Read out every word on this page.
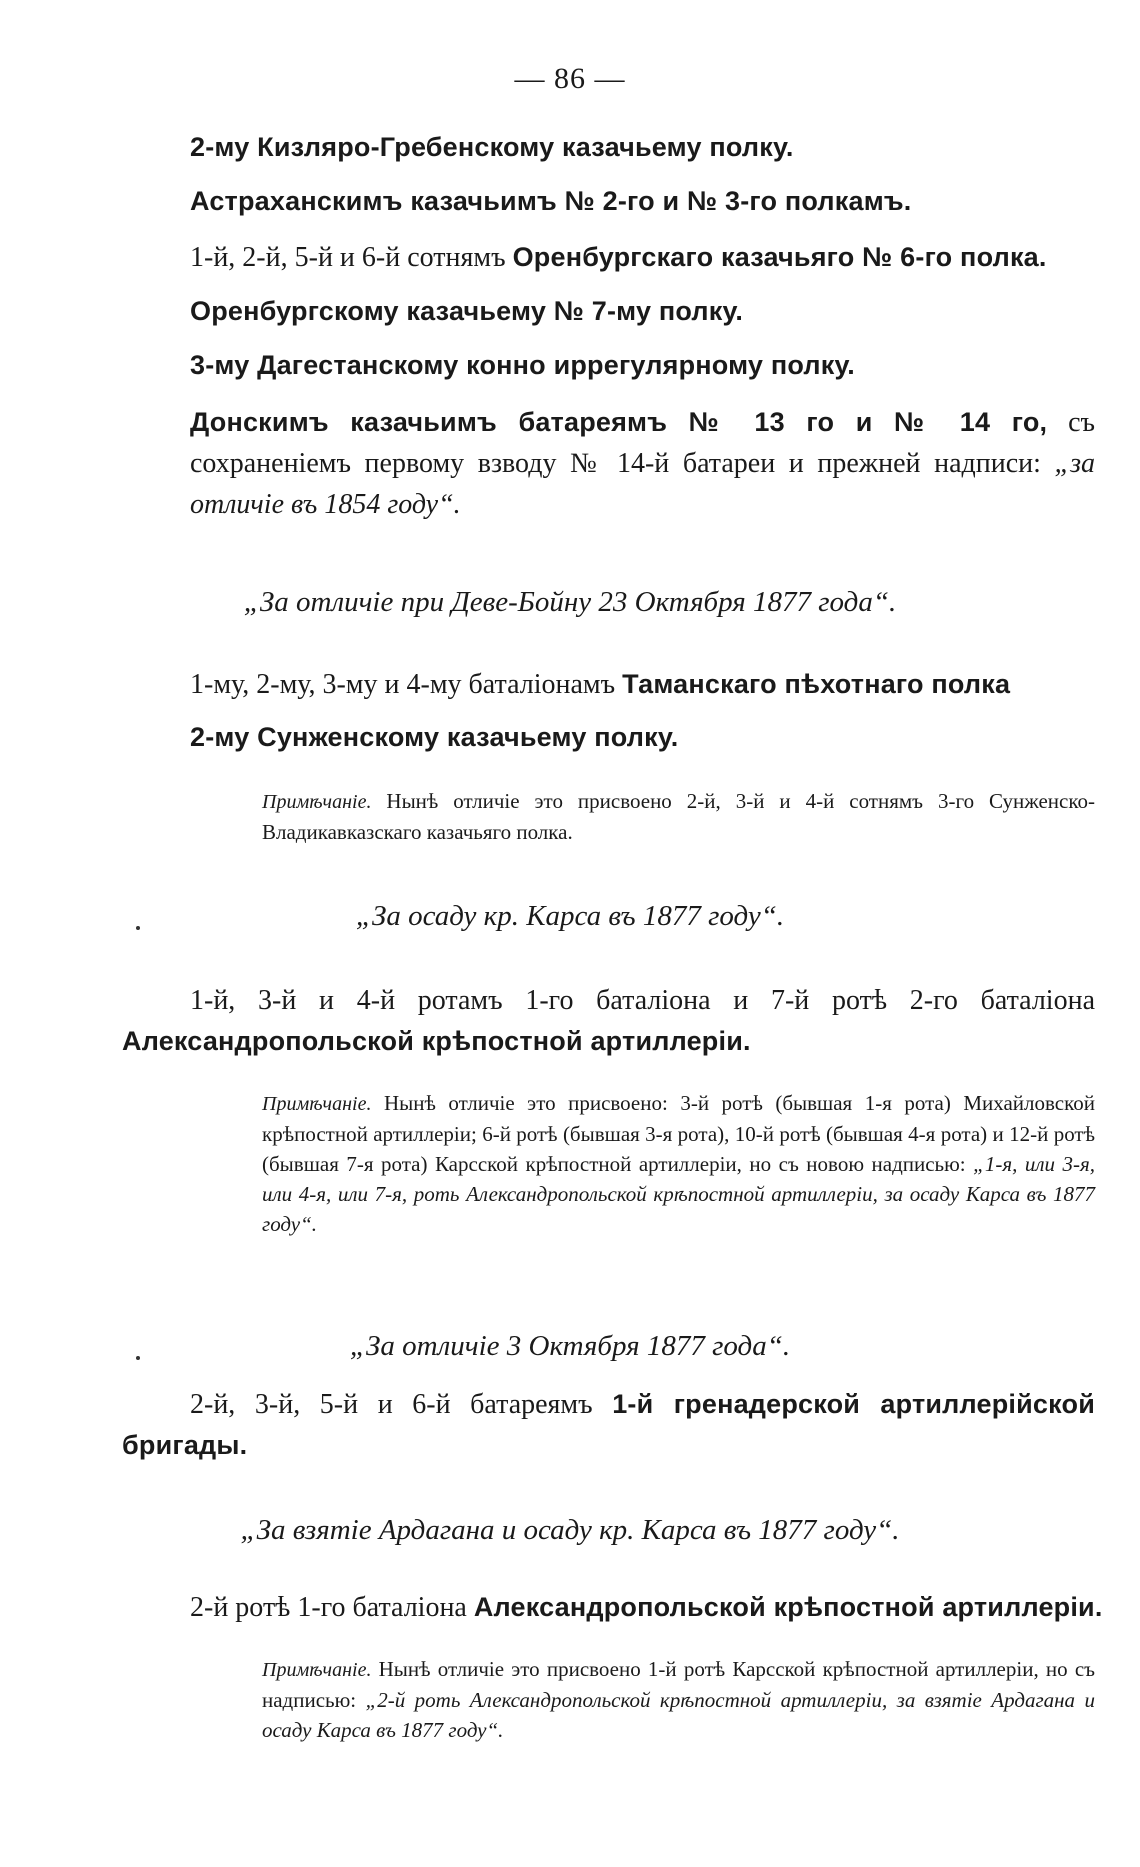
— 86 —
2-му Кизляро-Гребенскому казачьему полку.
Астраханскимъ казачьимъ № 2-го и № 3-го полкамъ.
1-й, 2-й, 5-й и 6-й сотнямъ Оренбургскаго казачьяго № 6-го полка.
Оренбургскому казачьему № 7-му полку.
3-му Дагестанскому конно иррегулярному полку.
Донскимъ казачьимъ батареямъ № 13 го и № 14 го, съ сохраненіемъ первому взводу № 14-й батареи и прежней надписи: „за отличіе въ 1854 году“.
„За отличіе при Деве-Бойну 23 Октября 1877 года“.
1-му, 2-му, 3-му и 4-му баталіонамъ Таманскаго пѣхотнаго полка
2-му Сунженскому казачьему полку.
Примѣчаніе. Нынѣ отличіе это присвоено 2-й, 3-й и 4-й сотнямъ 3-го Сунженско-Владикавказскаго казачьяго полка.
„За осаду кр. Карса въ 1877 году“.
1-й, 3-й и 4-й ротамъ 1-го баталіона и 7-й ротѣ 2-го баталіона Александропольской крѣпостной артиллеріи.
Примѣчаніе. Нынѣ отличіе это присвоено: 3-й ротѣ (бывшая 1-я рота) Михайловской крѣпостной артиллеріи; 6-й ротѣ (бывшая 3-я рота), 10-й ротѣ (бывшая 4-я рота) и 12-й ротѣ (бывшая 7-я рота) Карсской крѣпостной артиллеріи, но съ новою надписью: „1-я, или 3-я, или 4-я, или 7-я, роть Александропольской крѣпостной артиллеріи, за осаду Карса въ 1877 году“.
„За отличіе 3 Октября 1877 года“.
2-й, 3-й, 5-й и 6-й батареямъ 1-й гренадерской артиллерійской бригады.
„За взятіе Ардагана и осаду кр. Карса въ 1877 году“.
2-й ротѣ 1-го баталіона Александропольской крѣпостной артиллеріи.
Примѣчаніе. Нынѣ отличіе это присвоено 1-й ротѣ Карсской крѣпостной артиллеріи, но съ надписью: „2-й роть Александропольской крѣпостной артиллеріи, за взятіе Ардагана и осаду Карса въ 1877 году“.
